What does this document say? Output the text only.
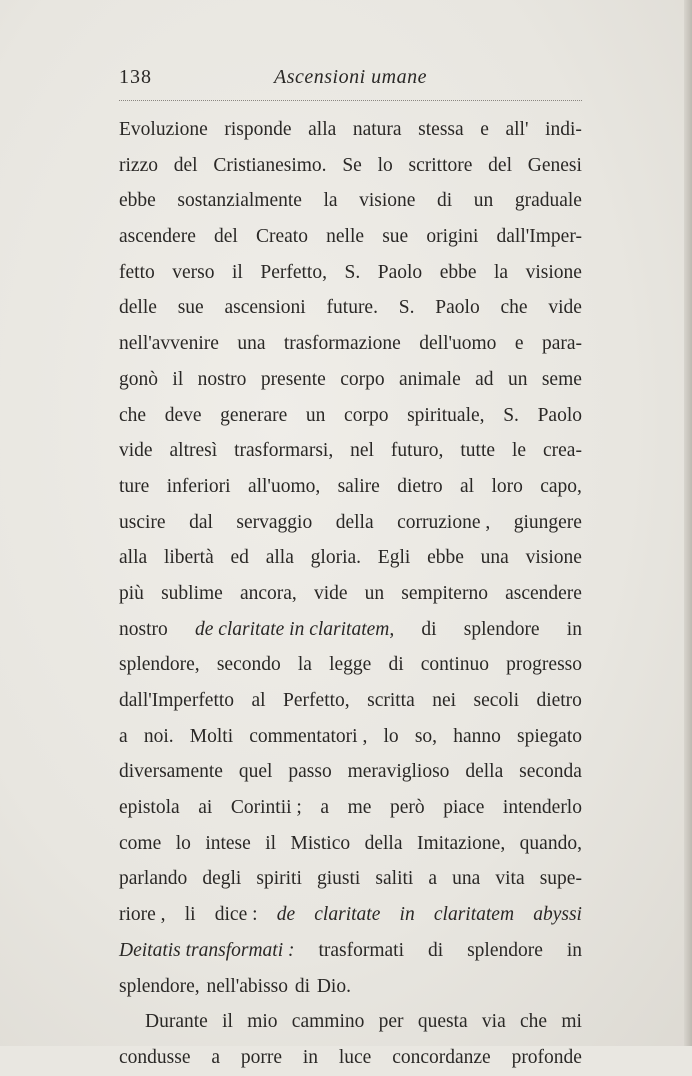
138	Ascensioni umane
Evoluzione risponde alla natura stessa e all' indi-
rizzo del Cristianesimo. Se lo scrittore del Genesi
ebbe sostanzialmente la visione di un graduale
ascendere del Creato nelle sue origini dall'Imper-
fetto verso il Perfetto, S. Paolo ebbe la visione
delle sue ascensioni future. S. Paolo che vide
nell'avvenire una trasformazione dell'uomo e para-
gonò il nostro presente corpo animale ad un seme
che deve generare un corpo spirituale, S. Paolo
vide altresì trasformarsi, nel futuro, tutte le crea-
ture inferiori all'uomo, salire dietro al loro capo,
uscire dal servaggio della corruzione , giungere
alla libertà ed alla gloria. Egli ebbe una visione
più sublime ancora, vide un sempiterno ascendere
nostro de claritate in claritatem, di splendore in
splendore, secondo la legge di continuo progresso
dall'Imperfetto al Perfetto, scritta nei secoli dietro
a noi. Molti commentatori , lo so, hanno spiegato
diversamente quel passo meraviglioso della seconda
epistola ai Corintii ; a me però piace intenderlo
come lo intese il Mistico della Imitazione, quando,
parlando degli spiriti giusti saliti a una vita supe-
riore , li dice : de claritate in claritatem abyssi
Deitatis transformati : trasformati di splendore in
splendore, nell'abisso di Dio.
Durante il mio cammino per questa via che mi
condusse a porre in luce concordanze profonde
